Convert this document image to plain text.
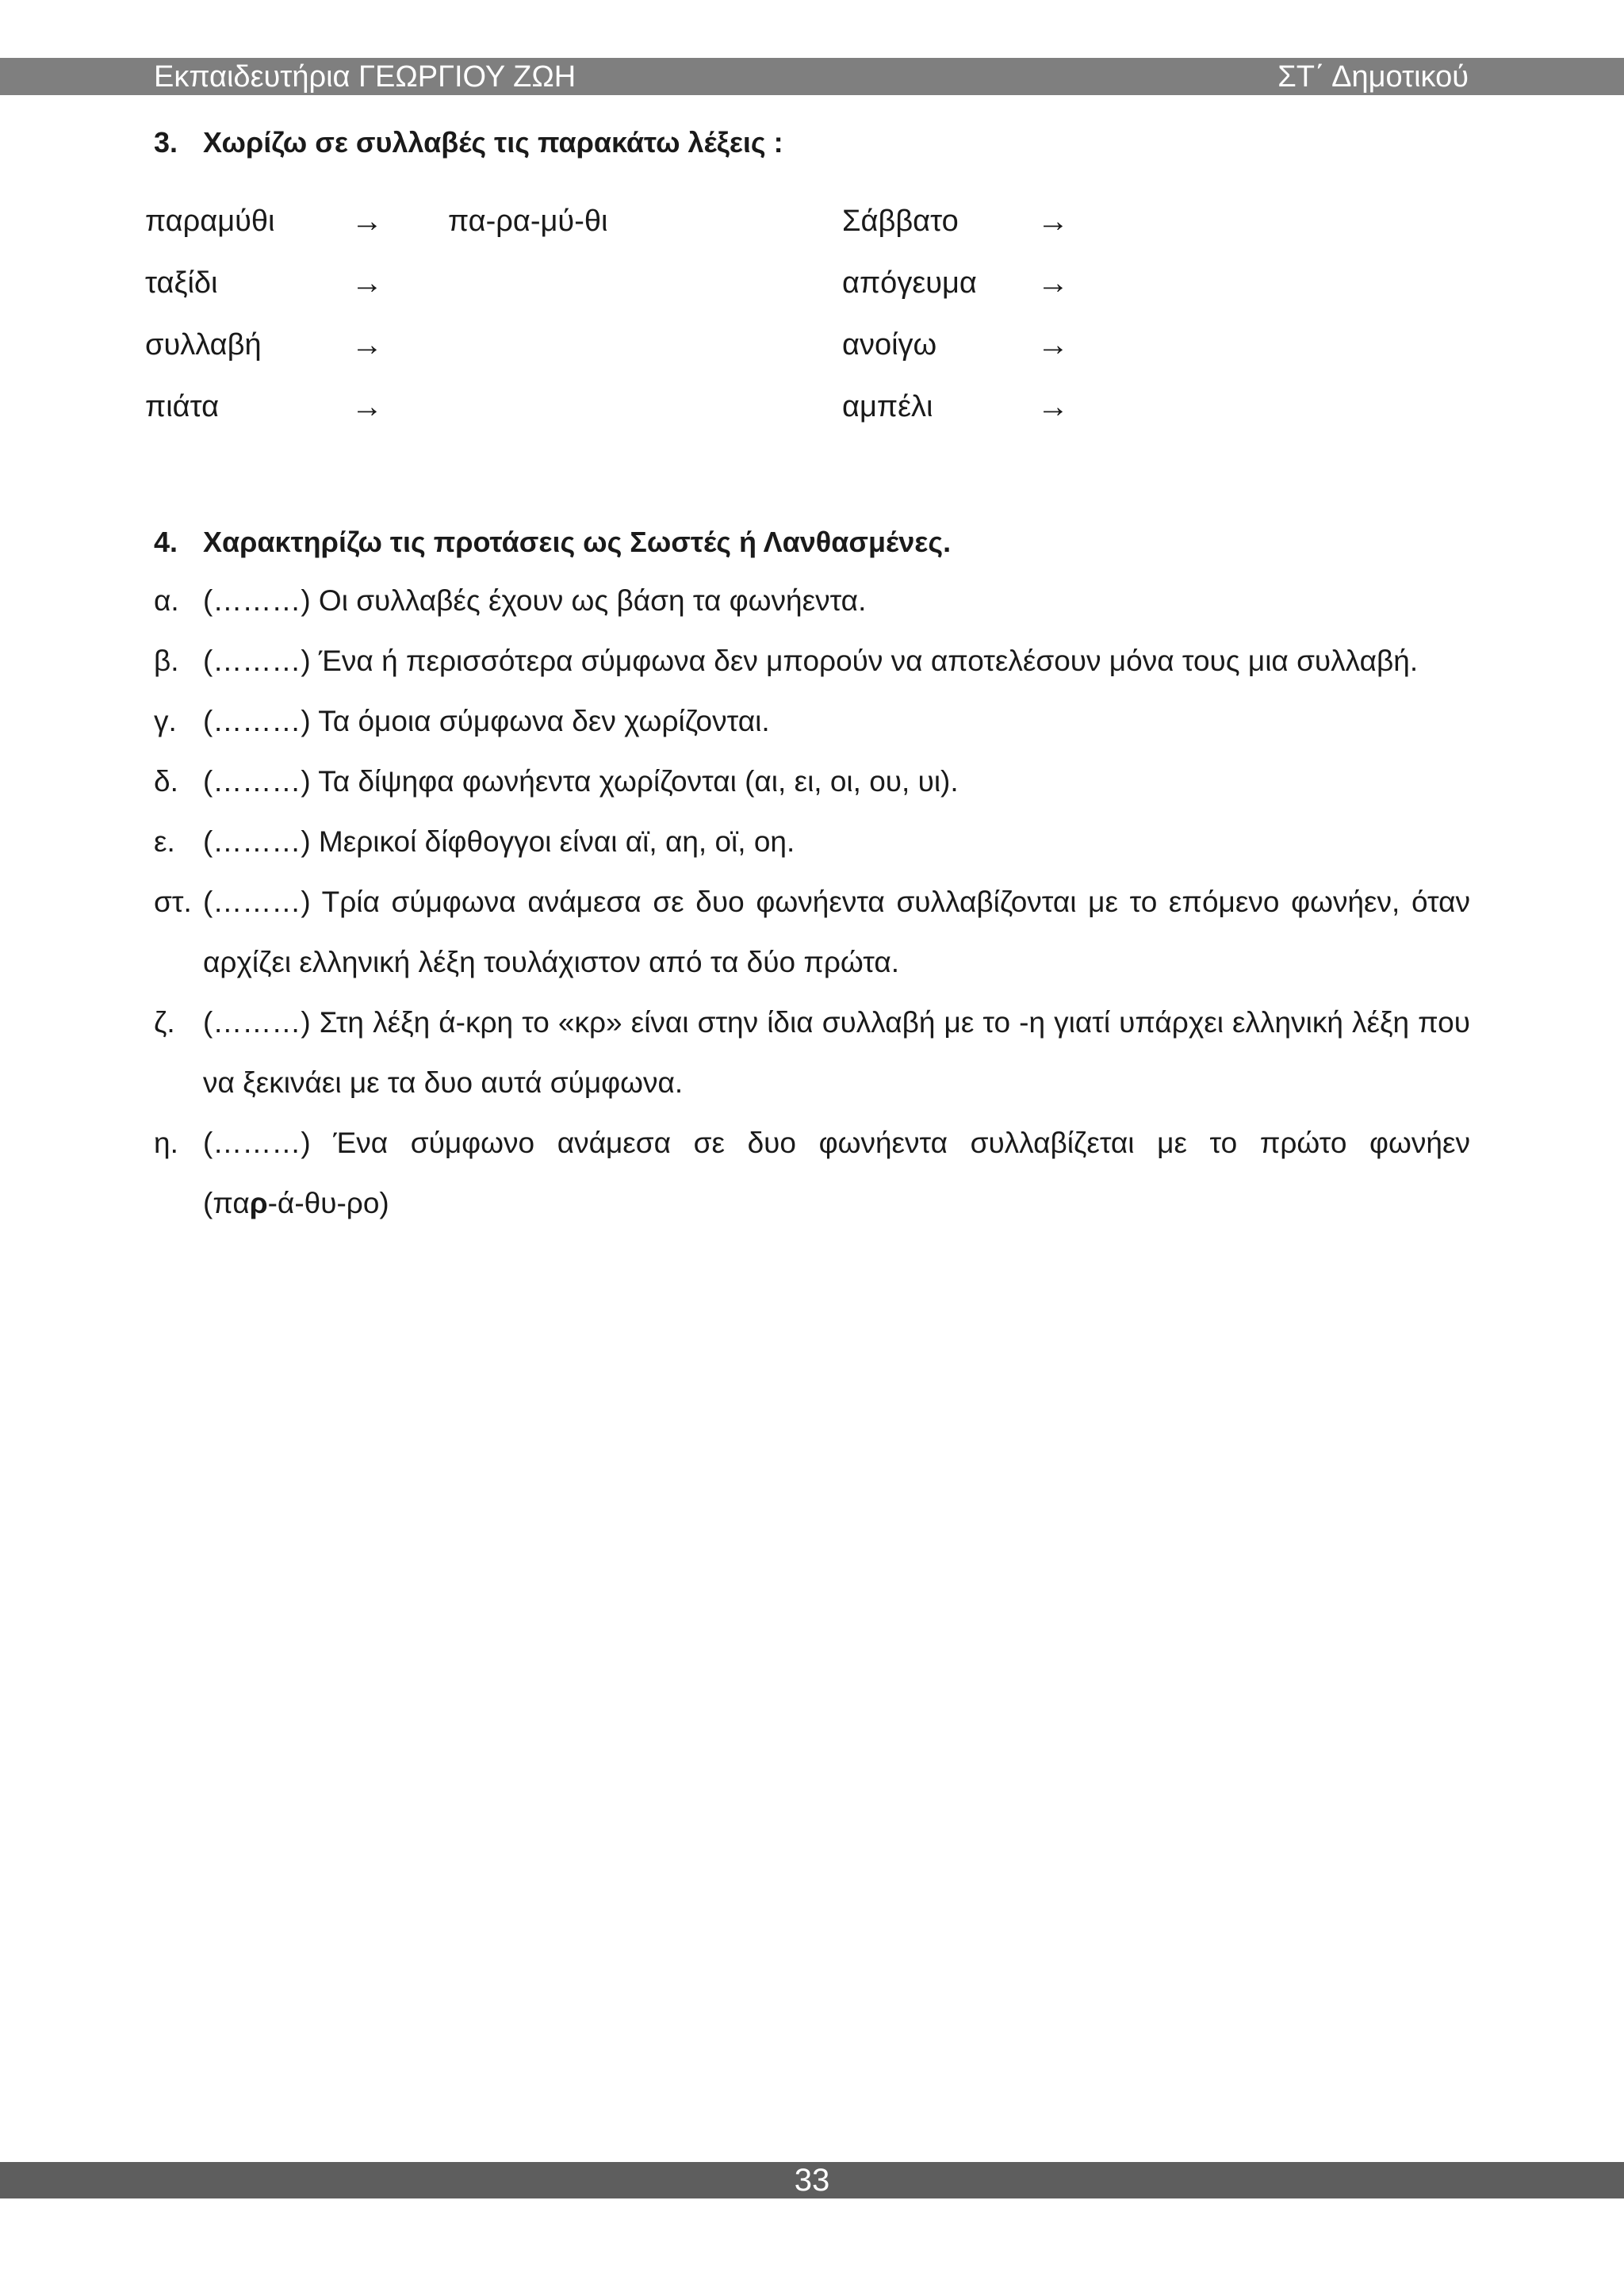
Εκπαιδευτήρια ΓΕΩΡΓΙΟΥ ΖΩΗ	ΣΤ΄ Δημοτικού
3. Χωρίζω σε συλλαβές τις παρακάτω λέξεις :
παραμύθι → πα-ρα-μύ-θι	Σάββατο →
ταξίδι	→	απόγευμα →
συλλαβή	→	ανοίγω	→
πιάτα	→	αμπέλι	→
4. Χαρακτηρίζω τις προτάσεις ως Σωστές ή Λανθασμένες.
α. (………) Οι συλλαβές έχουν ως βάση τα φωνήεντα.
β. (………) Ένα ή περισσότερα σύμφωνα δεν μπορούν να αποτελέσουν μόνα τους μια συλλαβή.
γ. (………) Τα όμοια σύμφωνα δεν χωρίζονται.
δ. (………) Τα δίψηφα φωνήεντα χωρίζονται (αι, ει, οι, ου, υι).
ε. (………) Μερικοί δίφθογγοι είναι αϊ, αη, οϊ, οη.
στ. (………) Τρία σύμφωνα ανάμεσα σε δυο φωνήεντα συλλαβίζονται με το επόμενο φωνήεν, όταν αρχίζει ελληνική λέξη τουλάχιστον από τα δύο πρώτα.
ζ. (………) Στη λέξη ά-κρη το «κρ» είναι στην ίδια συλλαβή με το -η γιατί υπάρχει ελληνική λέξη που να ξεκινάει με τα δυο αυτά σύμφωνα.
η. (………) Ένα σύμφωνο ανάμεσα σε δυο φωνήεντα συλλαβίζεται με το πρώτο φωνήεν
(παρ-ά-θυ-ρο)
33
